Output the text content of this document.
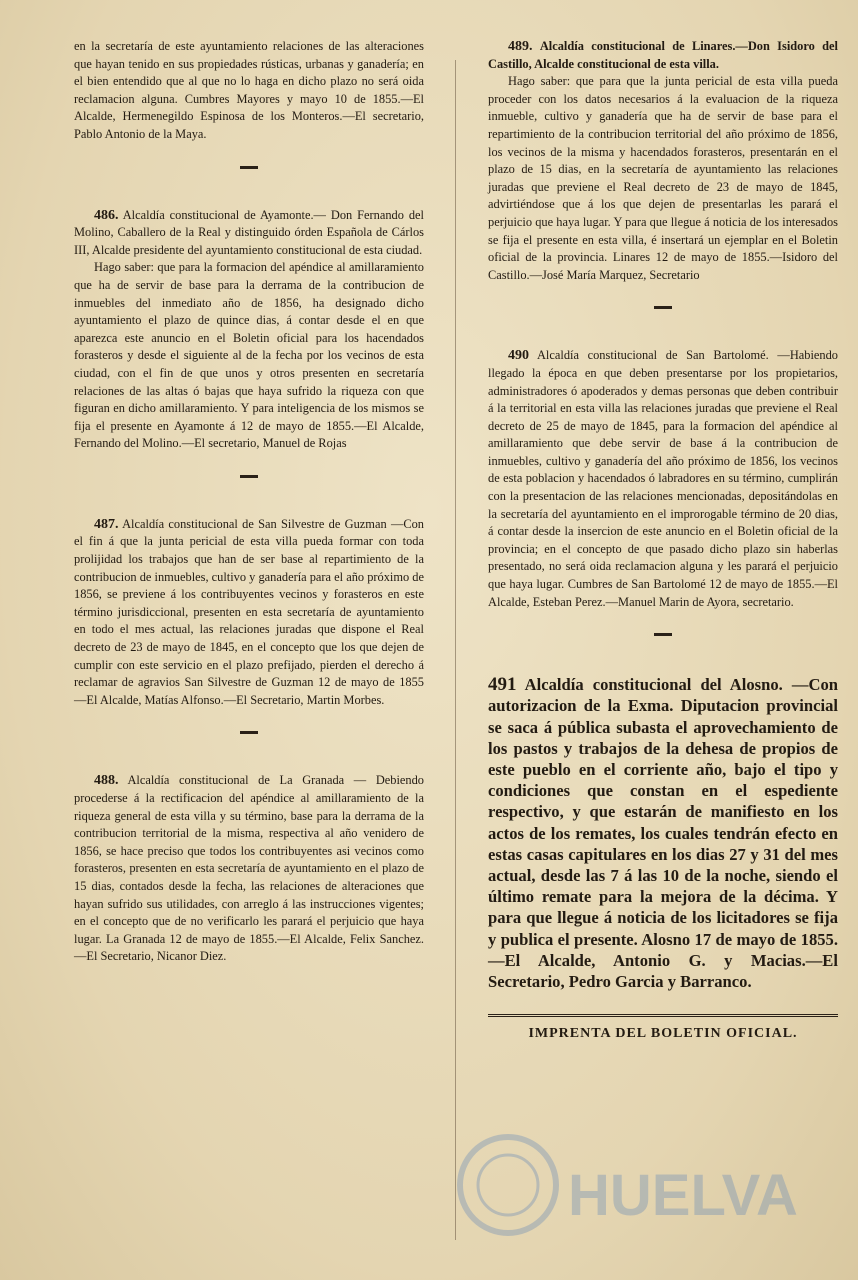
en la secretaría de este ayuntamiento relaciones de las alteraciones que hayan tenido en sus propiedades rústicas, urbanas y ganadería; en el bien entendido que al que no lo haga en dicho plazo no será oida reclamacion alguna. Cumbres Mayores y mayo 10 de 1855.—El Alcalde, Hermenegildo Espinosa de los Monteros.—El secretario, Pablo Antonio de la Maya.

486. Alcaldía constitucional de Ayamonte.— Don Fernando del Molino, Caballero de la Real y distinguido órden Española de Cárlos III, Alcalde presidente del ayuntamiento constitucional de esta ciudad.

Hago saber: que para la formacion del apéndice al amillaramiento que ha de servir de base para la derrama de la contribucion de inmuebles del inmediato año de 1856, ha designado dicho ayuntamiento el plazo de quince dias, á contar desde el en que aparezca este anuncio en el Boletin oficial para los hacendados forasteros y desde el siguiente al de la fecha por los vecinos de esta ciudad, con el fin de que unos y otros presenten en secretaría relaciones de las altas ó bajas que haya sufrido la riqueza con que figuran en dicho amillaramiento. Y para inteligencia de los mismos se fija el presente en Ayamonte á 12 de mayo de 1855.—El Alcalde, Fernando del Molino.—El secretario, Manuel de Rojas

487. Alcaldía constitucional de San Silvestre de Guzman —Con el fin á que la junta pericial de esta villa pueda formar con toda prolijidad los trabajos que han de ser base al repartimiento de la contribucion de inmuebles, cultivo y ganadería para el año próximo de 1856, se previene á los contribuyentes vecinos y forasteros en este término jurisdiccional, presenten en esta secretaría de ayuntamiento en todo el mes actual, las relaciones juradas que dispone el Real decreto de 23 de mayo de 1845, en el concepto que los que dejen de cumplir con este servicio en el plazo prefijado, pierden el derecho á reclamar de agravios San Silvestre de Guzman 12 de mayo de 1855 —El Alcalde, Matías Alfonso.—El Secretario, Martin Morbes.

488. Alcaldía constitucional de La Granada — Debiendo procederse á la rectificacion del apéndice al amillaramiento de la riqueza general de esta villa y su término, base para la derrama de la contribucion territorial de la misma, respectiva al año venidero de 1856, se hace preciso que todos los contribuyentes asi vecinos como forasteros, presenten en esta secretaría de ayuntamiento en el plazo de 15 dias, contados desde la fecha, las relaciones de alteraciones que hayan sufrido sus utilidades, con arreglo á las instrucciones vigentes; en el concepto que de no verificarlo les parará el perjuicio que haya lugar. La Granada 12 de mayo de 1855.—El Alcalde, Felix Sanchez.—El Secretario, Nicanor Diez.

489. Alcaldía constitucional de Linares.—Don Isidoro del Castillo, Alcalde constitucional de esta villa.

Hago saber: que para que la junta pericial de esta villa pueda proceder con los datos necesarios á la evaluacion de la riqueza inmueble, cultivo y ganadería que ha de servir de base para el repartimiento de la contribucion territorial del año próximo de 1856, los vecinos de la misma y hacendados forasteros, presentarán en el plazo de 15 dias, en la secretaría de ayuntamiento las relaciones juradas que previene el Real decreto de 23 de mayo de 1845, advirtiéndose que á los que dejen de presentarlas les parará el perjuicio que haya lugar. Y para que llegue á noticia de los interesados se fija el presente en esta villa, é insertará un ejemplar en el Boletin oficial de la provincia. Linares 12 de mayo de 1855.—Isidoro del Castillo.—José María Marquez, Secretario

490 Alcaldía constitucional de San Bartolomé. —Habiendo llegado la época en que deben presentarse por los propietarios, administradores ó apoderados y demas personas que deben contribuir á la territorial en esta villa las relaciones juradas que previene el Real decreto de 25 de mayo de 1845, para la formacion del apéndice al amillaramiento que debe servir de base á la contribucion de inmuebles, cultivo y ganadería del año próximo de 1856, los vecinos de esta poblacion y hacendados ó labradores en su término, cumplirán con la presentacion de las relaciones mencionadas, depositándolas en la secretaría del ayuntamiento en el improrogable término de 20 dias, á contar desde la insercion de este anuncio en el Boletin oficial de la provincia; en el concepto de que pasado dicho plazo sin haberlas presentado, no será oida reclamacion alguna y les parará el perjuicio que haya lugar. Cumbres de San Bartolomé 12 de mayo de 1855.—El Alcalde, Esteban Perez.—Manuel Marin de Ayora, secretario.

491 Alcaldía constitucional del Alosno. —Con autorizacion de la Exma. Diputacion provincial se saca á pública subasta el aprovechamiento de los pastos y trabajos de la dehesa de propios de este pueblo en el corriente año, bajo el tipo y condiciones que constan en el espediente respectivo, y que estarán de manifiesto en los actos de los remates, los cuales tendrán efecto en estas casas capitulares en los dias 27 y 31 del mes actual, desde las 7 á las 10 de la noche, siendo el último remate para la mejora de la décima. Y para que llegue á noticia de los licitadores se fija y publica el presente. Alosno 17 de mayo de 1855.—El Alcalde, Antonio G. y Macias.—El Secretario, Pedro Garcia y Barranco.

IMPRENTA DEL BOLETIN OFICIAL.
HUELVA
